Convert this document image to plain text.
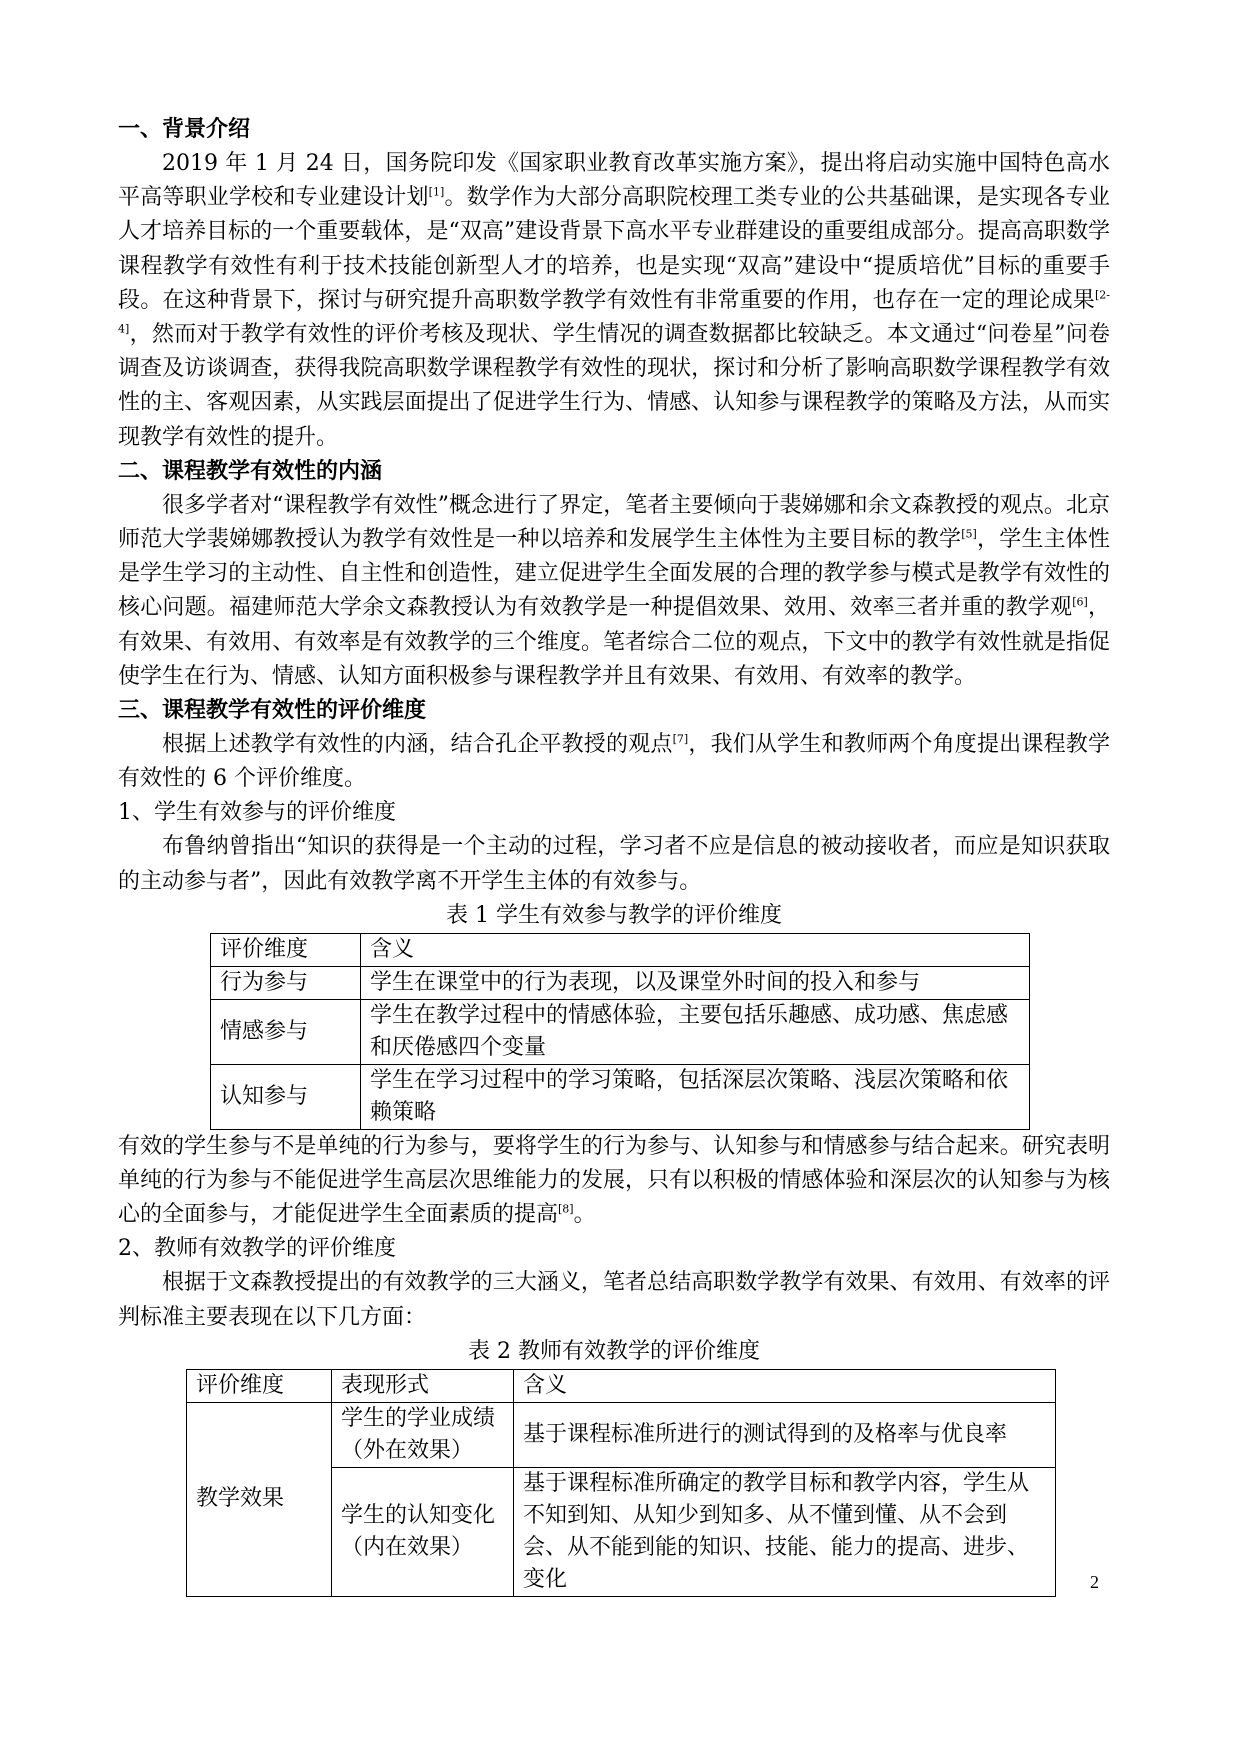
一、背景介绍

2019 年 1 月 24 日，国务院印发《国家职业教育改革实施方案》，提出将启动实施中国特色高水平高等职业学校和专业建设计划[1]。数学作为大部分高职院校理工类专业的公共基础课，是实现各专业人才培养目标的一个重要载体，是“双高”建设背景下高水平专业群建设的重要组成部分。提高高职数学课程教学有效性有利于技术技能创新型人才的培养，也是实现“双高”建设中“提质培优”目标的重要手段。在这种背景下，探讨与研究提升高职数学教学有效性有非常重要的作用，也存在一定的理论成果[2-4]，然而对于教学有效性的评价考核及现状、学生情况的调查数据都比较缺乏。本文通过“问卷星”问卷调查及访谈调查，获得我院高职数学课程教学有效性的现状，探讨和分析了影响高职数学课程教学有效性的主、客观因素，从实践层面提出了促进学生行为、情感、认知参与课程教学的策略及方法，从而实现教学有效性的提升。

二、课程教学有效性的内涵

很多学者对“课程教学有效性”概念进行了界定，笔者主要倾向于裴娣娜和余文森教授的观点。北京师范大学裴娣娜教授认为教学有效性是一种以培养和发展学生主体性为主要目标的教学[5]，学生主体性是学生学习的主动性、自主性和创造性，建立促进学生全面发展的合理的教学参与模式是教学有效性的核心问题。福建师范大学余文森教授认为有效教学是一种提倡效果、效用、效率三者并重的教学观[6]，有效果、有效用、有效率是有效教学的三个维度。笔者综合二位的观点，下文中的教学有效性就是指促使学生在行为、情感、认知方面积极参与课程教学并且有效果、有效用、有效率的教学。

三、课程教学有效性的评价维度

根据上述教学有效性的内涵，结合孔企平教授的观点[7]，我们从学生和教师两个角度提出课程教学有效性的 6 个评价维度。

1、学生有效参与的评价维度

布鲁纳曾指出“知识的获得是一个主动的过程，学习者不应是信息的被动接收者，而应是知识获取的主动参与者”，因此有效教学离不开学生主体的有效参与。

表 1 学生有效参与教学的评价维度
评价维度	含义
行为参与	学生在课堂中的行为表现，以及课堂外时间的投入和参与
情感参与	学生在教学过程中的情感体验，主要包括乐趣感、成功感、焦虑感和厌倦感四个变量
认知参与	学生在学习过程中的学习策略，包括深层次策略、浅层次策略和依赖策略

有效的学生参与不是单纯的行为参与，要将学生的行为参与、认知参与和情感参与结合起来。研究表明单纯的行为参与不能促进学生高层次思维能力的发展，只有以积极的情感体验和深层次的认知参与为核心的全面参与，才能促进学生全面素质的提高[8]。

2、教师有效教学的评价维度

根据于文森教授提出的有效教学的三大涵义，笔者总结高职数学教学有效果、有效用、有效率的评判标准主要表现在以下几方面：

表 2 教师有效教学的评价维度
评价维度	表现形式	含义
教学效果	学生的学业成绩（外在效果）	基于课程标准所进行的测试得到的及格率与优良率
	学生的认知变化（内在效果）	基于课程标准所确定的教学目标和教学内容，学生从不知到知、从知少到知多、从不懂到懂、从不会到会、从不能到能的知识、技能、能力的提高、进步、变化	2
